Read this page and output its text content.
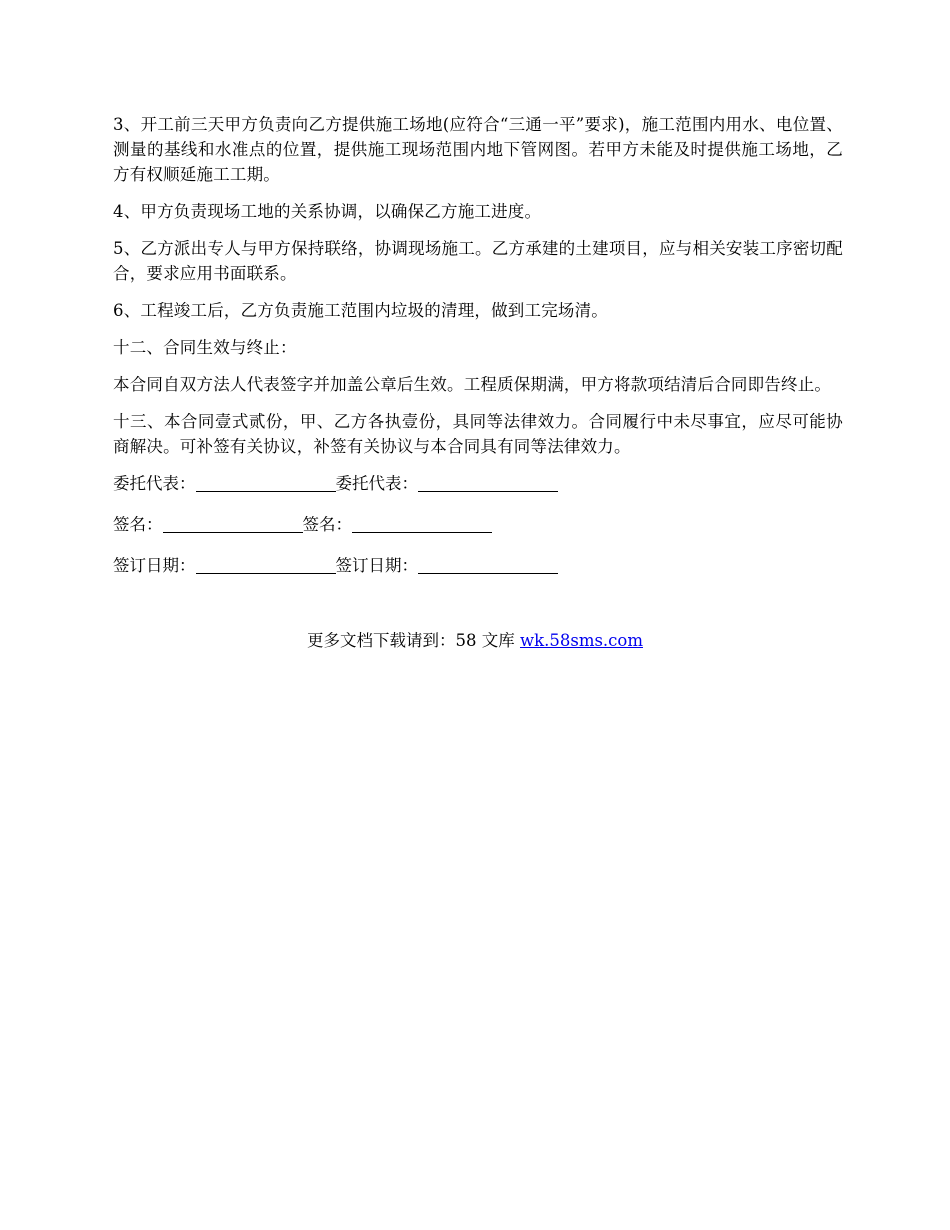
3、开工前三天甲方负责向乙方提供施工场地(应符合“三通一平”要求)，施工范围内用水、电位置、测量的基线和水准点的位置，提供施工现场范围内地下管网图。若甲方未能及时提供施工场地，乙方有权顺延施工工期。

4、甲方负责现场工地的关系协调，以确保乙方施工进度。

5、乙方派出专人与甲方保持联络，协调现场施工。乙方承建的土建项目，应与相关安装工序密切配合，要求应用书面联系。

6、工程竣工后，乙方负责施工范围内垃圾的清理，做到工完场清。

十二、合同生效与终止：

本合同自双方法人代表签字并加盖公章后生效。工程质保期满，甲方将款项结清后合同即告终止。

十三、本合同壹式贰份，甲、乙方各执壹份，具同等法律效力。合同履行中未尽事宜，应尽可能协商解决。可补签有关协议，补签有关协议与本合同具有同等法律效力。

委托代表：	委托代表：
签名：	签名：
签订日期：	签订日期：
更多文档下载请到：58 文库 wk.58sms.com
